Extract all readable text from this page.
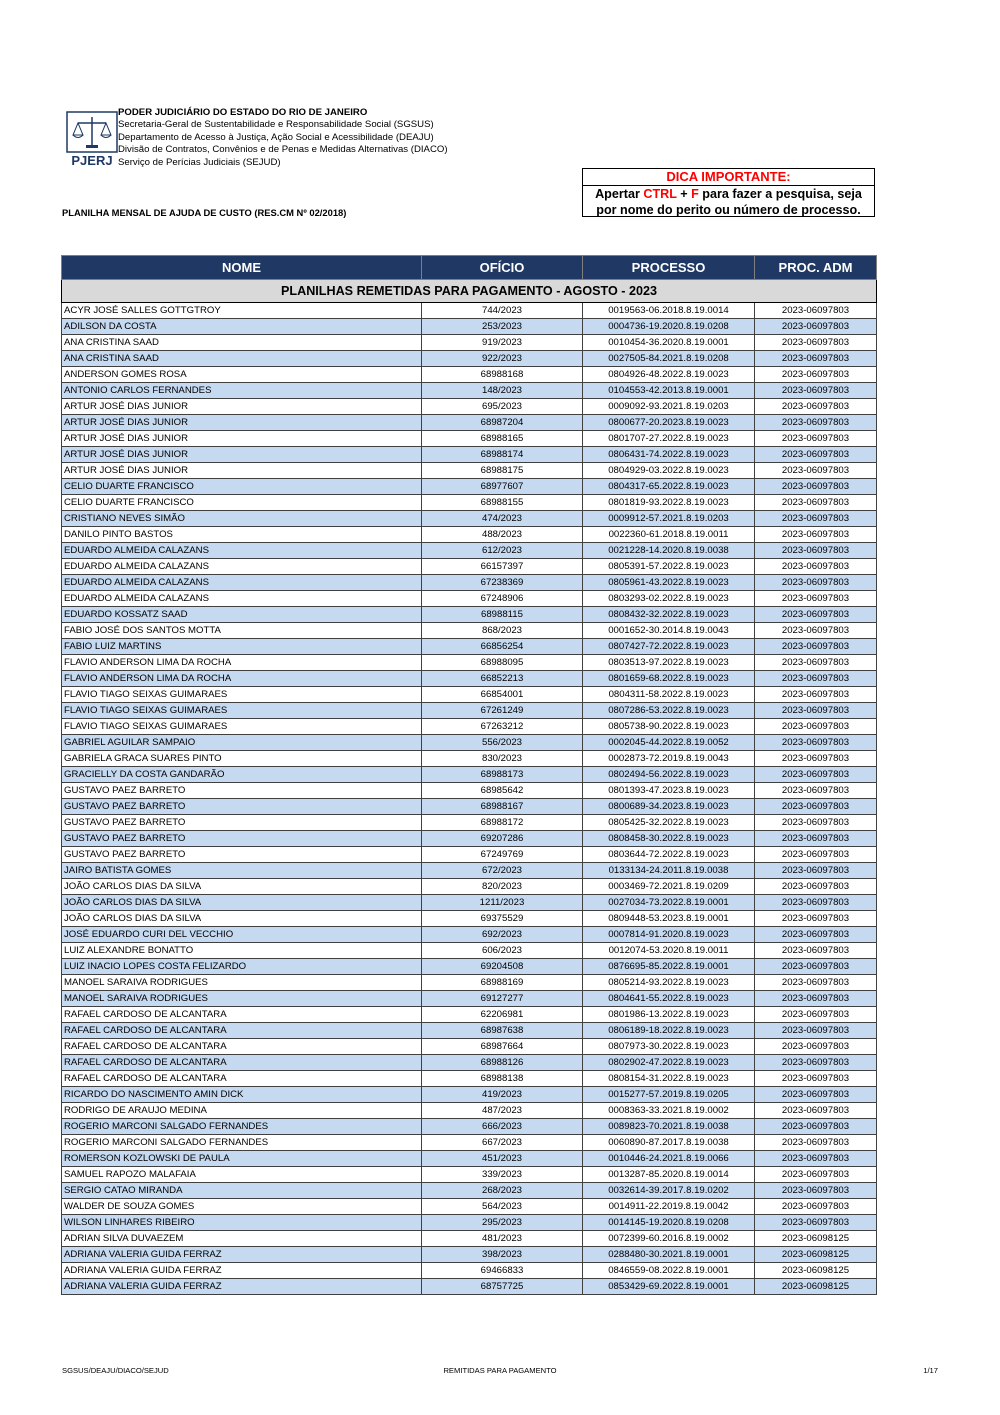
PJERJ
PODER JUDICIÁRIO DO ESTADO DO RIO DE JANEIRO
Secretaria-Geral de Sustentabilidade e Responsabilidade Social (SGSUS)
Departamento de Acesso à Justiça, Ação Social e Acessibilidade (DEAJU)
Divisão de Contratos, Convênios e de Penas e Medidas Alternativas (DIACO)
Serviço de Perícias Judiciais (SEJUD)
DICA IMPORTANTE:
Apertar CTRL + F para fazer a pesquisa, seja
por nome do perito ou número de processo.
PLANILHA MENSAL DE AJUDA DE CUSTO (RES.CM Nº 02/2018)
NOME	OFÍCIO	PROCESSO	PROC. ADM
PLANILHAS REMETIDAS PARA PAGAMENTO - AGOSTO - 2023			
ACYR JOSÉ SALLES GOTTGTROY	744/2023	0019563-06.2018.8.19.0014	2023-06097803
ADILSON DA COSTA	253/2023	0004736-19.2020.8.19.0208	2023-06097803
ANA CRISTINA SAAD	919/2023	0010454-36.2020.8.19.0001	2023-06097803
ANA CRISTINA SAAD	922/2023	0027505-84.2021.8.19.0208	2023-06097803
ANDERSON GOMES ROSA	68988168	0804926-48.2022.8.19.0023	2023-06097803
ANTONIO CARLOS FERNANDES	148/2023	0104553-42.2013.8.19.0001	2023-06097803
ARTUR JOSÉ DIAS JUNIOR	695/2023	0009092-93.2021.8.19.0203	2023-06097803
ARTUR JOSÉ DIAS JUNIOR	68987204	0800677-20.2023.8.19.0023	2023-06097803
ARTUR JOSÉ DIAS JUNIOR	68988165	0801707-27.2022.8.19.0023	2023-06097803
ARTUR JOSÉ DIAS JUNIOR	68988174	0806431-74.2022.8.19.0023	2023-06097803
ARTUR JOSÉ DIAS JUNIOR	68988175	0804929-03.2022.8.19.0023	2023-06097803
CELIO DUARTE FRANCISCO	68977607	0804317-65.2022.8.19.0023	2023-06097803
CELIO DUARTE FRANCISCO	68988155	0801819-93.2022.8.19.0023	2023-06097803
CRISTIANO NEVES SIMÃO	474/2023	0009912-57.2021.8.19.0203	2023-06097803
DANILO PINTO BASTOS	488/2023	0022360-61.2018.8.19.0011	2023-06097803
EDUARDO ALMEIDA CALAZANS	612/2023	0021228-14.2020.8.19.0038	2023-06097803
EDUARDO ALMEIDA CALAZANS	66157397	0805391-57.2022.8.19.0023	2023-06097803
EDUARDO ALMEIDA CALAZANS	67238369	0805961-43.2022.8.19.0023	2023-06097803
EDUARDO ALMEIDA CALAZANS	67248906	0803293-02.2022.8.19.0023	2023-06097803
EDUARDO KOSSATZ SAAD	68988115	0808432-32.2022.8.19.0023	2023-06097803
FABIO JOSÉ DOS SANTOS MOTTA	868/2023	0001652-30.2014.8.19.0043	2023-06097803
FABIO LUIZ MARTINS	66856254	0807427-72.2022.8.19.0023	2023-06097803
FLAVIO ANDERSON LIMA DA ROCHA	68988095	0803513-97.2022.8.19.0023	2023-06097803
FLAVIO ANDERSON LIMA DA ROCHA	66852213	0801659-68.2022.8.19.0023	2023-06097803
FLAVIO TIAGO SEIXAS GUIMARAES	66854001	0804311-58.2022.8.19.0023	2023-06097803
FLAVIO TIAGO SEIXAS GUIMARAES	67261249	0807286-53.2022.8.19.0023	2023-06097803
FLAVIO TIAGO SEIXAS GUIMARAES	67263212	0805738-90.2022.8.19.0023	2023-06097803
GABRIEL AGUILAR SAMPAIO	556/2023	0002045-44.2022.8.19.0052	2023-06097803
GABRIELA GRACA SUARES PINTO	830/2023	0002873-72.2019.8.19.0043	2023-06097803
GRACIELLY DA COSTA GANDARÃO	68988173	0802494-56.2022.8.19.0023	2023-06097803
GUSTAVO PAEZ BARRETO	68985642	0801393-47.2023.8.19.0023	2023-06097803
GUSTAVO PAEZ BARRETO	68988167	0800689-34.2023.8.19.0023	2023-06097803
GUSTAVO PAEZ BARRETO	68988172	0805425-32.2022.8.19.0023	2023-06097803
GUSTAVO PAEZ BARRETO	69207286	0808458-30.2022.8.19.0023	2023-06097803
GUSTAVO PAEZ BARRETO	67249769	0803644-72.2022.8.19.0023	2023-06097803
JAIRO BATISTA GOMES	672/2023	0133134-24.2011.8.19.0038	2023-06097803
JOÃO CARLOS DIAS DA SILVA	820/2023	0003469-72.2021.8.19.0209	2023-06097803
JOÃO CARLOS DIAS DA SILVA	1211/2023	0027034-73.2022.8.19.0001	2023-06097803
JOÃO CARLOS DIAS DA SILVA	69375529	0809448-53.2023.8.19.0001	2023-06097803
JOSÉ EDUARDO CURI DEL VECCHIO	692/2023	0007814-91.2020.8.19.0023	2023-06097803
LUIZ ALEXANDRE BONATTO	606/2023	0012074-53.2020.8.19.0011	2023-06097803
LUIZ INACIO LOPES COSTA FELIZARDO	69204508	0876695-85.2022.8.19.0001	2023-06097803
MANOEL SARAIVA RODRIGUES	68988169	0805214-93.2022.8.19.0023	2023-06097803
MANOEL SARAIVA RODRIGUES	69127277	0804641-55.2022.8.19.0023	2023-06097803
RAFAEL CARDOSO DE ALCANTARA	62206981	0801986-13.2022.8.19.0023	2023-06097803
RAFAEL CARDOSO DE ALCANTARA	68987638	0806189-18.2022.8.19.0023	2023-06097803
RAFAEL CARDOSO DE ALCANTARA	68987664	0807973-30.2022.8.19.0023	2023-06097803
RAFAEL CARDOSO DE ALCANTARA	68988126	0802902-47.2022.8.19.0023	2023-06097803
RAFAEL CARDOSO DE ALCANTARA	68988138	0808154-31.2022.8.19.0023	2023-06097803
RICARDO DO NASCIMENTO AMIN DICK	419/2023	0015277-57.2019.8.19.0205	2023-06097803
RODRIGO DE ARAUJO MEDINA	487/2023	0008363-33.2021.8.19.0002	2023-06097803
ROGERIO MARCONI SALGADO FERNANDES	666/2023	0089823-70.2021.8.19.0038	2023-06097803
ROGERIO MARCONI SALGADO FERNANDES	667/2023	0060890-87.2017.8.19.0038	2023-06097803
ROMERSON KOZLOWSKI DE PAULA	451/2023	0010446-24.2021.8.19.0066	2023-06097803
SAMUEL RAPOZO MALAFAIA	339/2023	0013287-85.2020.8.19.0014	2023-06097803
SERGIO CATAO MIRANDA	268/2023	0032614-39.2017.8.19.0202	2023-06097803
WALDER DE SOUZA GOMES	564/2023	0014911-22.2019.8.19.0042	2023-06097803
WILSON LINHARES RIBEIRO	295/2023	0014145-19.2020.8.19.0208	2023-06097803
ADRIAN SILVA DUVAEZEM	481/2023	0072399-60.2016.8.19.0002	2023-06098125
ADRIANA VALERIA GUIDA FERRAZ	398/2023	0288480-30.2021.8.19.0001	2023-06098125
ADRIANA VALERIA GUIDA FERRAZ	69466833	0846559-08.2022.8.19.0001	2023-06098125
ADRIANA VALERIA GUIDA FERRAZ	68757725	0853429-69.2022.8.19.0001	2023-06098125
SGSUS/DEAJU/DIACO/SEJUD	REMITIDAS PARA PAGAMENTO	1/17
